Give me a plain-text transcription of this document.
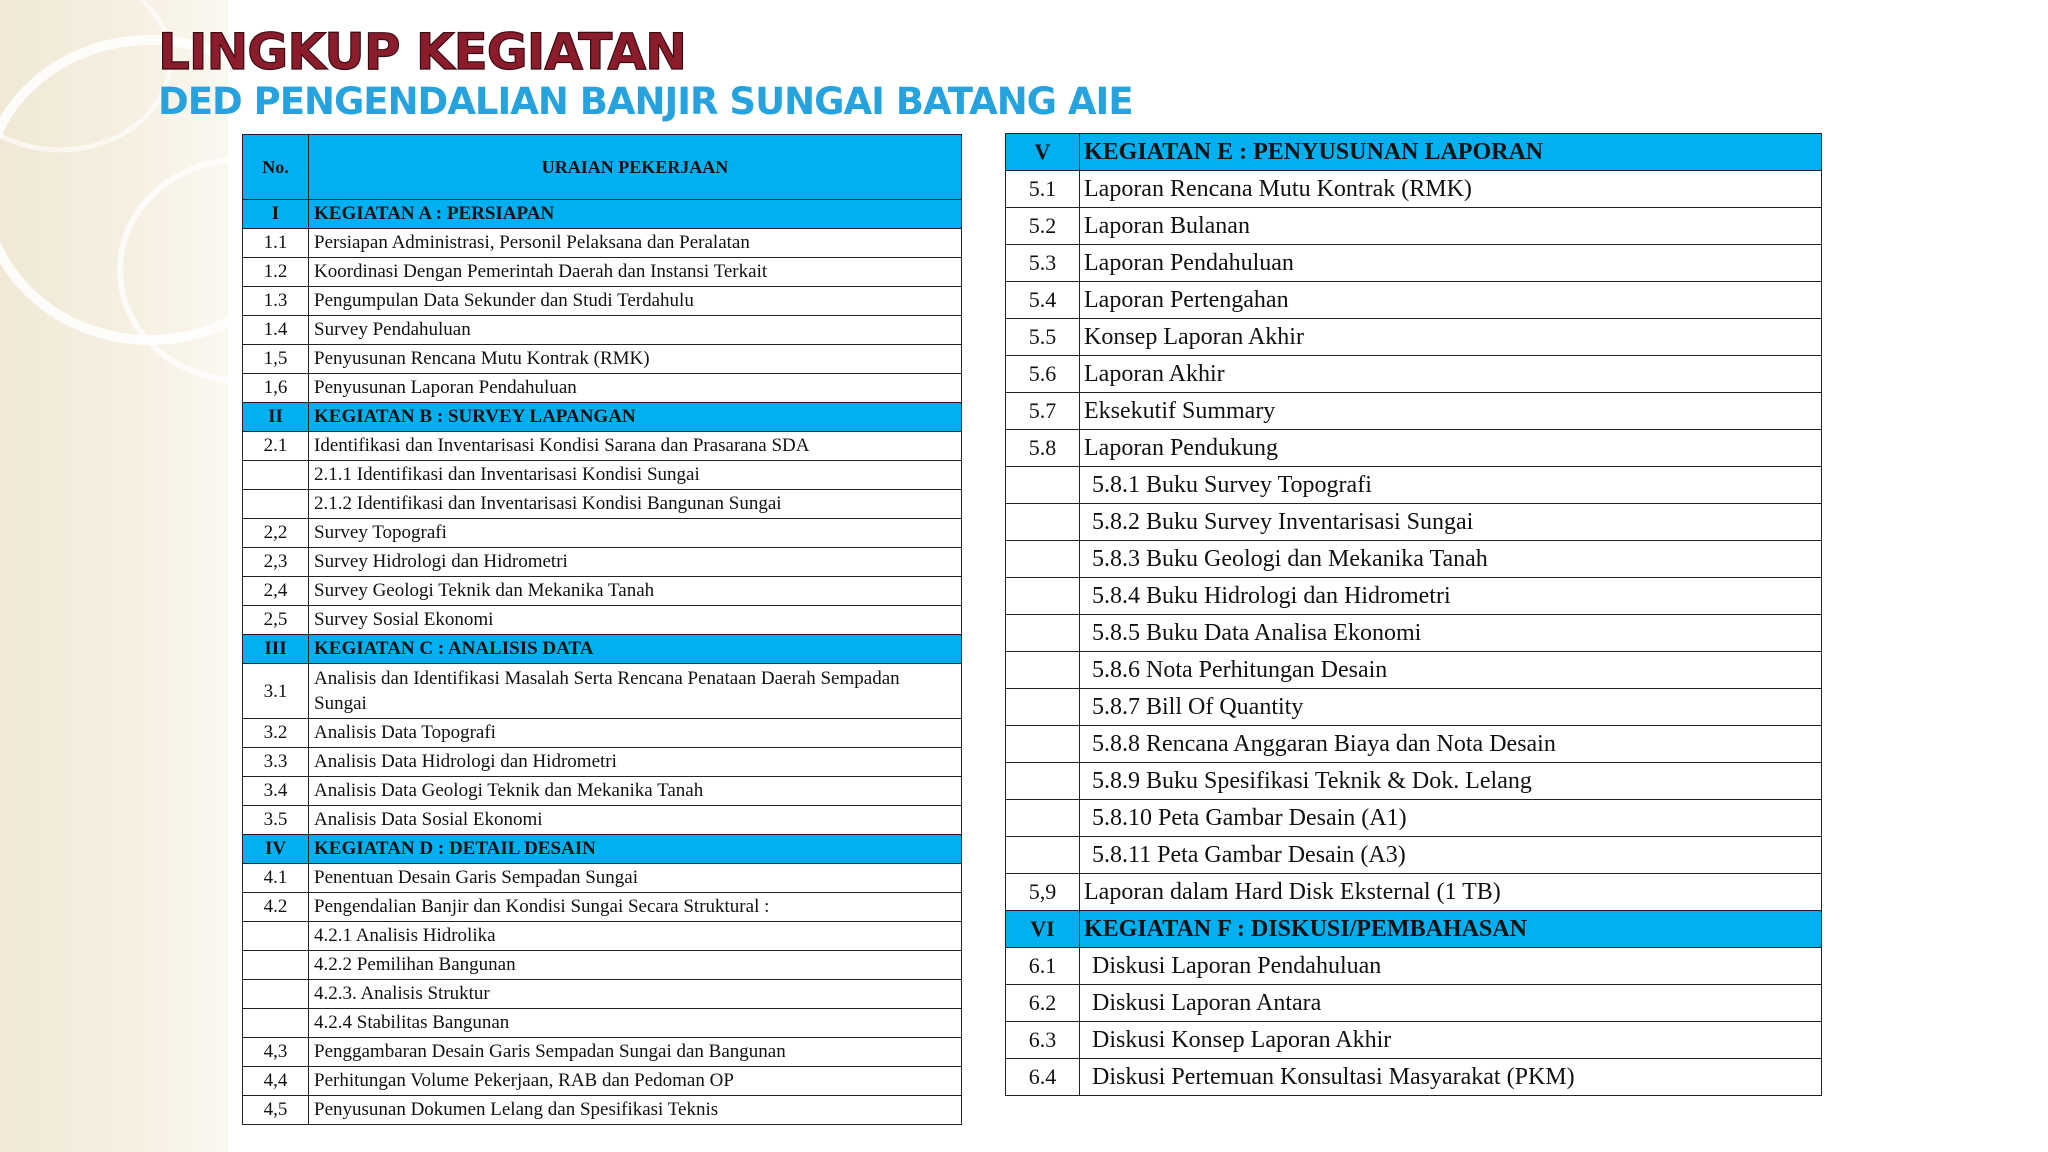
LINGKUP KEGIATAN
DED PENGENDALIAN BANJIR SUNGAI BATANG AIE
No.	URAIAN PEKERJAAN
I	KEGIATAN A : PERSIAPAN
1.1	Persiapan Administrasi, Personil Pelaksana dan Peralatan
1.2	Koordinasi Dengan Pemerintah Daerah dan Instansi Terkait
1.3	Pengumpulan Data Sekunder dan Studi Terdahulu
1.4	Survey Pendahuluan
1,5	Penyusunan Rencana Mutu Kontrak (RMK)
1,6	Penyusunan Laporan Pendahuluan
II	KEGIATAN B : SURVEY LAPANGAN
2.1	Identifikasi dan Inventarisasi Kondisi Sarana dan Prasarana SDA
	2.1.1 Identifikasi dan Inventarisasi Kondisi Sungai
	2.1.2 Identifikasi dan Inventarisasi Kondisi Bangunan Sungai
2,2	Survey Topografi
2,3	Survey Hidrologi dan Hidrometri
2,4	Survey Geologi Teknik dan Mekanika Tanah
2,5	Survey Sosial Ekonomi
III	KEGIATAN C : ANALISIS DATA
3.1	Analisis dan Identifikasi Masalah Serta Rencana Penataan Daerah Sempadan Sungai
3.2	Analisis Data Topografi
3.3	Analisis Data Hidrologi dan Hidrometri
3.4	Analisis Data Geologi Teknik dan Mekanika Tanah
3.5	Analisis Data Sosial Ekonomi
IV	KEGIATAN D : DETAIL DESAIN
4.1	Penentuan Desain Garis Sempadan Sungai
4.2	Pengendalian Banjir dan Kondisi Sungai Secara Struktural :
	4.2.1 Analisis Hidrolika
	4.2.2 Pemilihan Bangunan
	4.2.3. Analisis Struktur
	4.2.4 Stabilitas Bangunan
4,3	Penggambaran Desain Garis Sempadan Sungai dan Bangunan
4,4	Perhitungan Volume Pekerjaan, RAB dan Pedoman OP
4,5	Penyusunan Dokumen Lelang dan Spesifikasi Teknis
V	KEGIATAN E : PENYUSUNAN LAPORAN
5.1	Laporan Rencana Mutu Kontrak (RMK)
5.2	Laporan Bulanan
5.3	Laporan Pendahuluan
5.4	Laporan Pertengahan
5.5	Konsep Laporan Akhir
5.6	Laporan Akhir
5.7	Eksekutif Summary
5.8	Laporan Pendukung
	5.8.1 Buku Survey Topografi
	5.8.2 Buku Survey Inventarisasi Sungai
	5.8.3 Buku Geologi dan Mekanika Tanah
	5.8.4 Buku Hidrologi dan Hidrometri
	5.8.5 Buku Data Analisa Ekonomi
	5.8.6 Nota Perhitungan Desain
	5.8.7 Bill Of Quantity
	5.8.8 Rencana Anggaran Biaya dan Nota Desain
	5.8.9 Buku Spesifikasi Teknik & Dok. Lelang
	5.8.10 Peta Gambar Desain (A1)
	5.8.11 Peta Gambar Desain (A3)
5,9	Laporan dalam Hard Disk Eksternal (1 TB)
VI	KEGIATAN F : DISKUSI/PEMBAHASAN
6.1	Diskusi Laporan Pendahuluan
6.2	Diskusi Laporan Antara
6.3	Diskusi Konsep Laporan Akhir
6.4	Diskusi Pertemuan Konsultasi Masyarakat (PKM)
